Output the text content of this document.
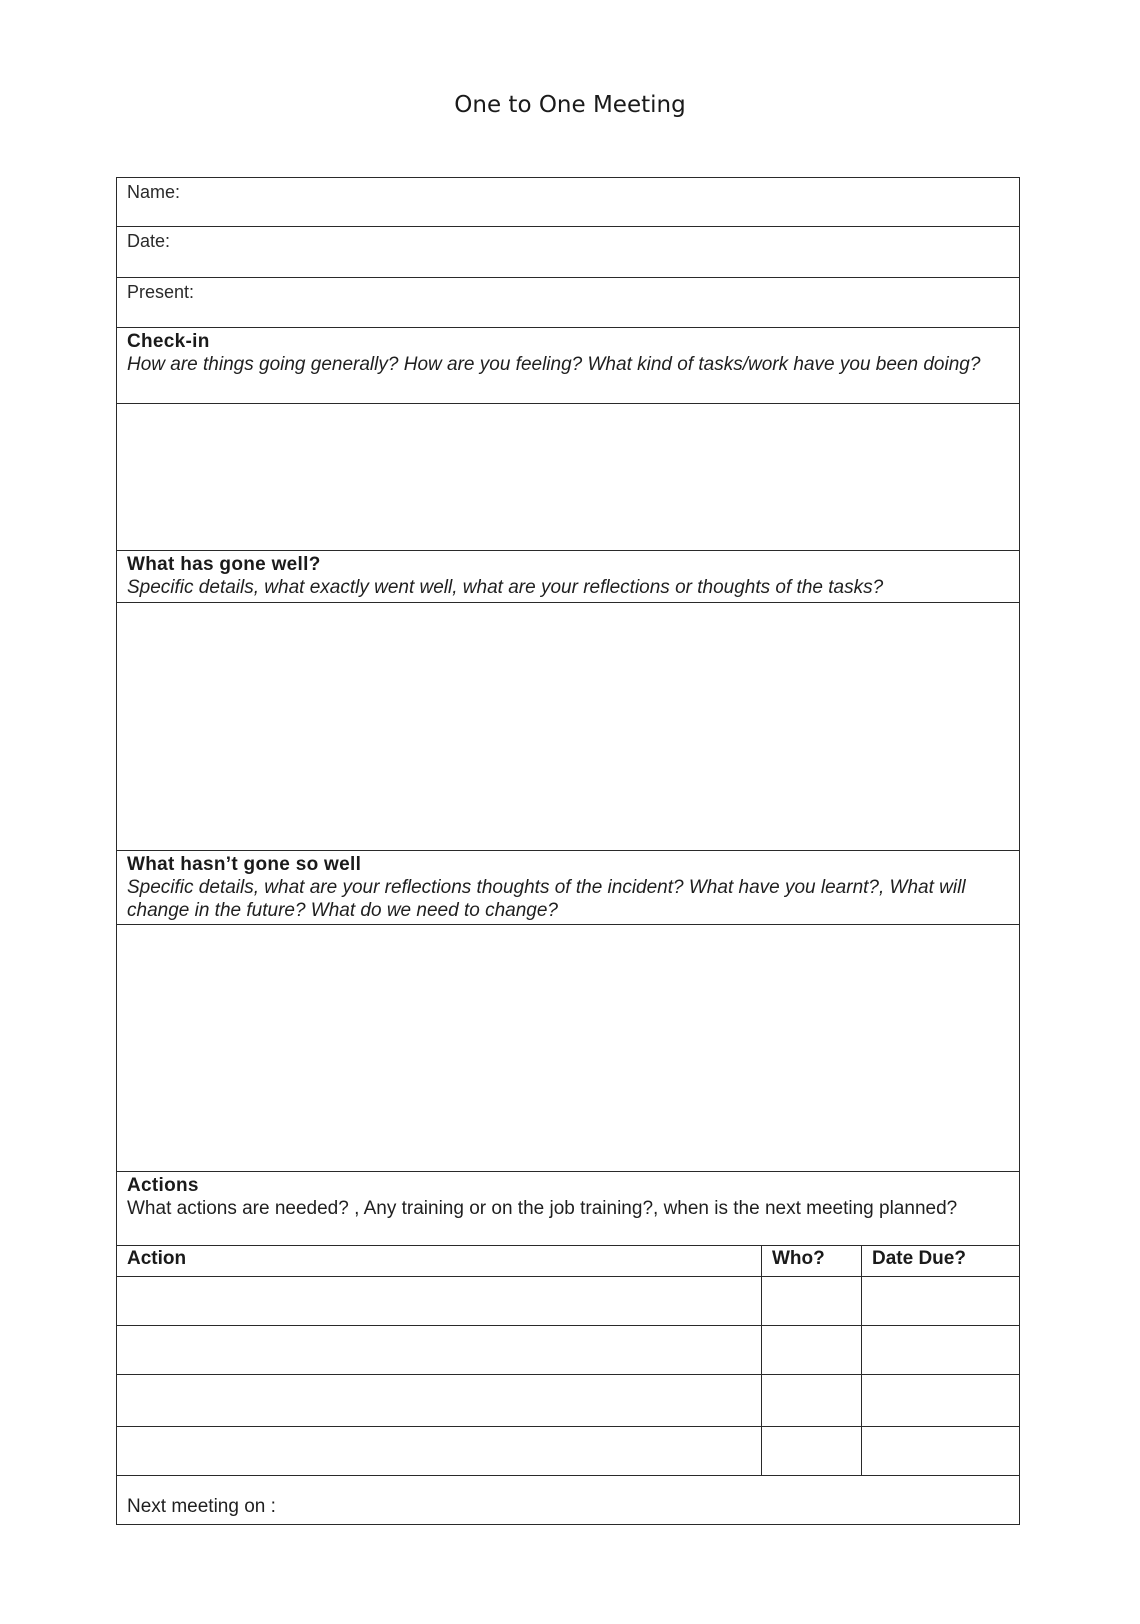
One to One Meeting
Name:
Date:
Present:
Check-in
How are things going generally? How are you feeling? What kind of tasks/work have you been doing?
What has gone well?
Specific details, what exactly went well, what are your reflections or thoughts of the tasks?
What hasn’t gone so well
Specific details, what are your reflections thoughts of the incident? What have you learnt?, What will change in the future? What do we need to change?
Actions
What actions are needed? , Any training or on the job training?, when is the next meeting planned?
Action	Who?	Date Due?
Next meeting on :
